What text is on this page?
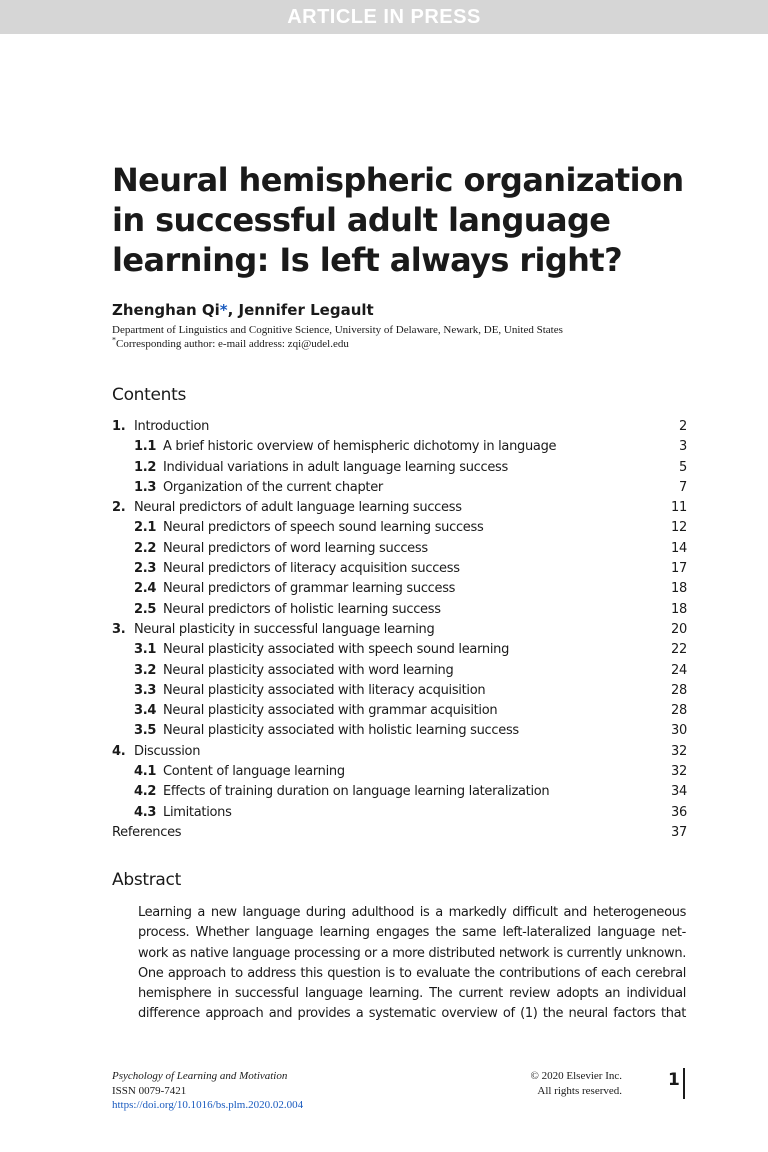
ARTICLE IN PRESS
Neural hemispheric organization
in successful adult language
learning: Is left always right?
Zhenghan Qi*, Jennifer Legault
Department of Linguistics and Cognitive Science, University of Delaware, Newark, DE, United States
*Corresponding author: e-mail address: zqi@udel.edu
Contents
1. Introduction	2
1.1 A brief historic overview of hemispheric dichotomy in language	3
1.2 Individual variations in adult language learning success	5
1.3 Organization of the current chapter	7
2. Neural predictors of adult language learning success	11
2.1 Neural predictors of speech sound learning success	12
2.2 Neural predictors of word learning success	14
2.3 Neural predictors of literacy acquisition success	17
2.4 Neural predictors of grammar learning success	18
2.5 Neural predictors of holistic learning success	18
3. Neural plasticity in successful language learning	20
3.1 Neural plasticity associated with speech sound learning	22
3.2 Neural plasticity associated with word learning	24
3.3 Neural plasticity associated with literacy acquisition	28
3.4 Neural plasticity associated with grammar acquisition	28
3.5 Neural plasticity associated with holistic learning success	30
4. Discussion	32
4.1 Content of language learning	32
4.2 Effects of training duration on language learning lateralization	34
4.3 Limitations	36
References	37
Abstract
Learning a new language during adulthood is a markedly difficult and heterogeneous
process. Whether language learning engages the same left-lateralized language net-
work as native language processing or a more distributed network is currently unknown.
One approach to address this question is to evaluate the contributions of each cerebral
hemisphere in successful language learning. The current review adopts an individual
difference approach and provides a systematic overview of (1) the neural factors that
Psychology of Learning and Motivation
ISSN 0079-7421
https://doi.org/10.1016/bs.plm.2020.02.004
© 2020 Elsevier Inc.
All rights reserved.
1
